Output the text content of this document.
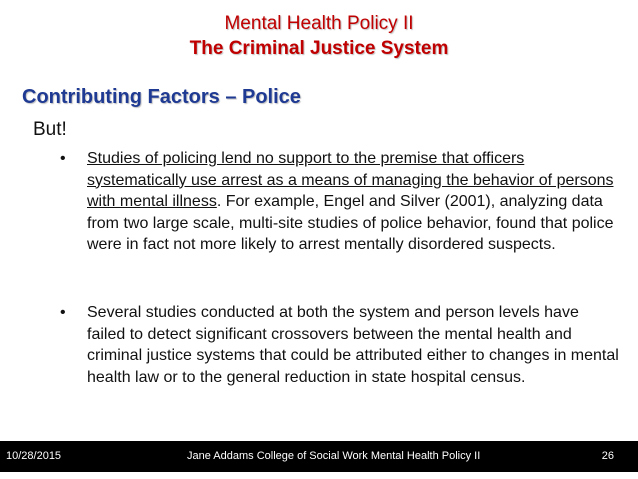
Mental Health Policy II
The Criminal Justice System
Contributing Factors – Police
But!
•	Studies of policing lend no support to the premise that officers systematically use arrest as a means of managing the behavior of persons with mental illness. For example, Engel and Silver (2001), analyzing data from two large scale, multi-site studies of police behavior, found that police were in fact not more likely to arrest mentally disordered suspects.
•	Several studies conducted at both the system and person levels have failed to detect significant crossovers between the mental health and criminal justice systems that could be attributed either to changes in mental health law or to the general reduction in state hospital census.
10/28/2015	Jane Addams College of Social Work Mental Health Policy II	26
